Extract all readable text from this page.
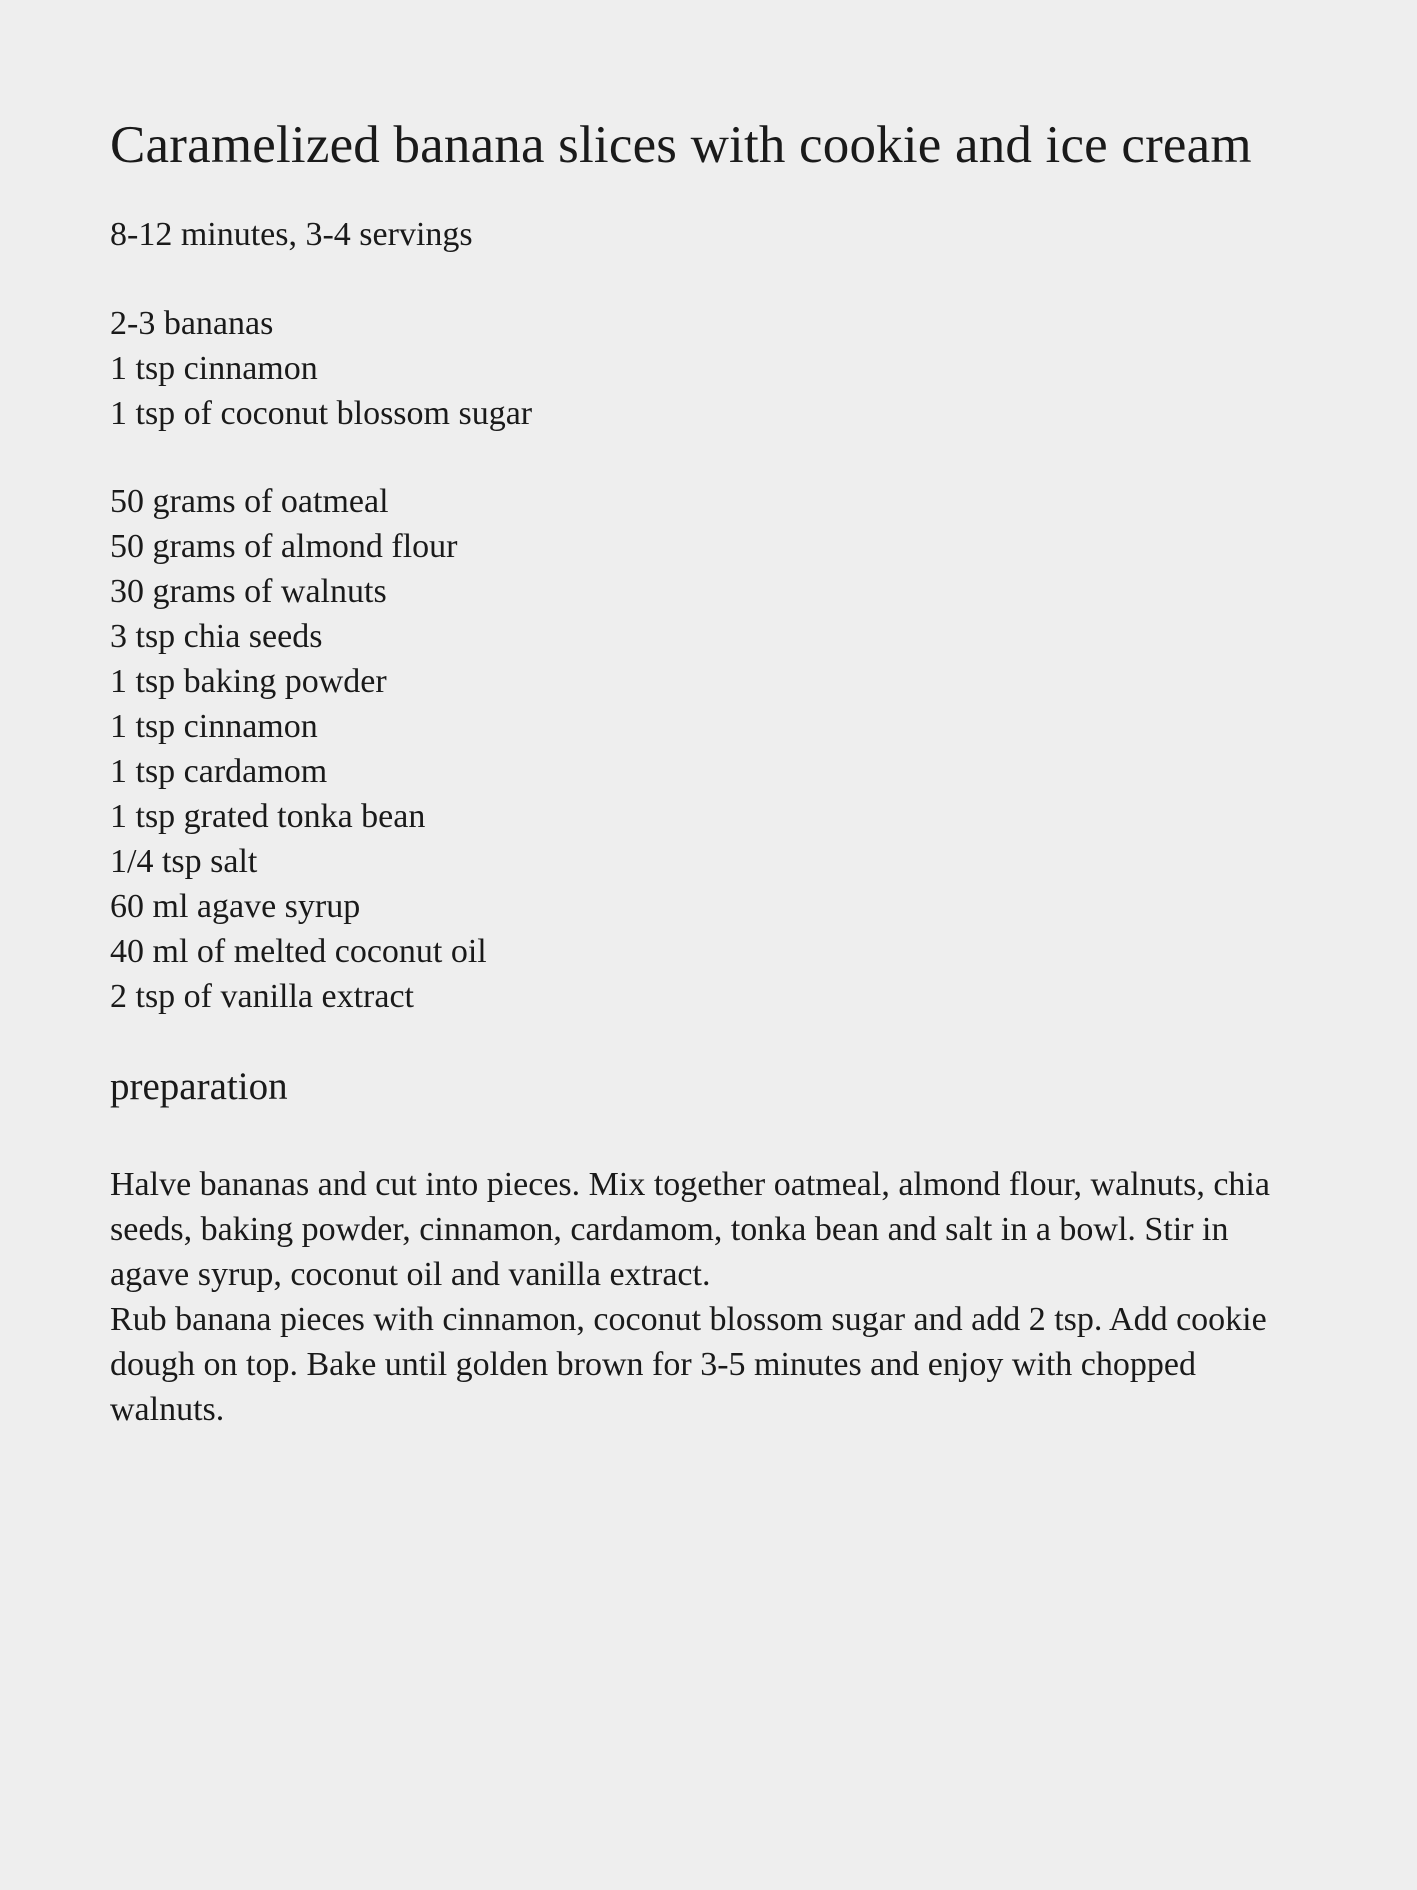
Caramelized banana slices with cookie and ice cream
8-12 minutes, 3-4 servings
2-3 bananas
1 tsp cinnamon
1 tsp of coconut blossom sugar
50 grams of oatmeal
50 grams of almond flour
30 grams of walnuts
3 tsp chia seeds
1 tsp baking powder
1 tsp cinnamon
1 tsp cardamom
1 tsp grated tonka bean
1/4 tsp salt
60 ml agave syrup
40 ml of melted coconut oil
2 tsp of vanilla extract
preparation
Halve bananas and cut into pieces. Mix together oatmeal, almond flour, walnuts, chia seeds, baking powder, cinnamon, cardamom, tonka bean and salt in a bowl. Stir in agave syrup, coconut oil and vanilla extract.
Rub banana pieces with cinnamon, coconut blossom sugar and add 2 tsp. Add cookie dough on top. Bake until golden brown for 3-5 minutes and enjoy with chopped walnuts.
